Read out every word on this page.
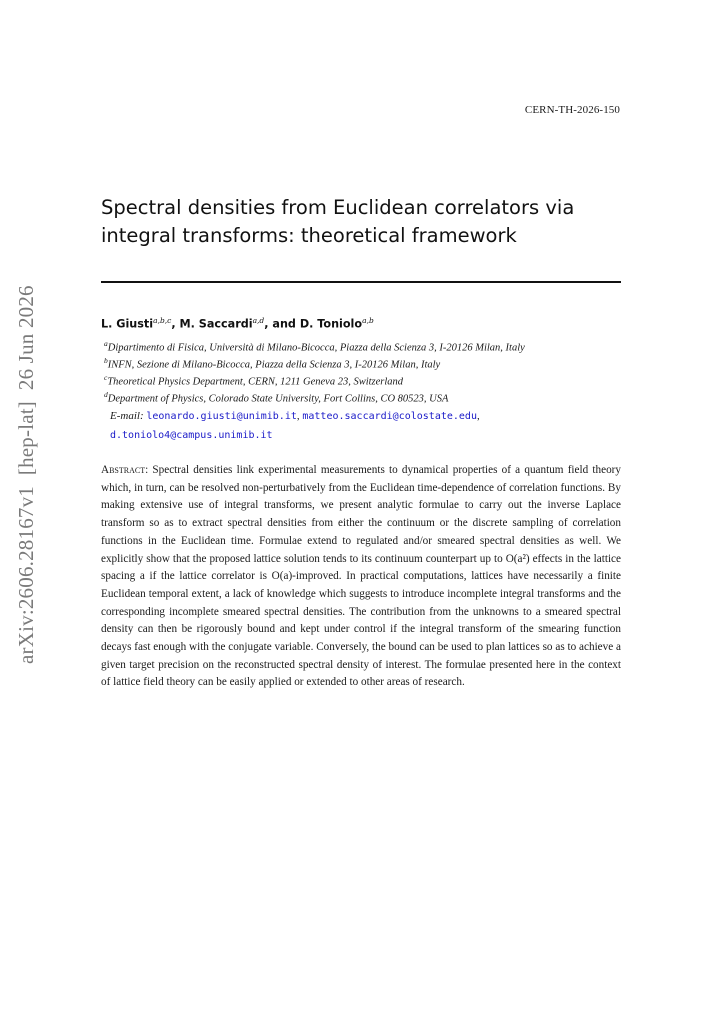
CERN-TH-2026-150
arXiv:2606.28167v1  [hep-lat]  26 Jun 2026
Spectral densities from Euclidean correlators via integral transforms: theoretical framework
L. Giusti$^{a,b,c}$, M. Saccardi$^{a,d}$, and D. Toniolo$^{a,b}$
$^a$Dipartimento di Fisica, Università di Milano-Bicocca, Piazza della Scienza 3, I-20126 Milan, Italy
$^b$INFN, Sezione di Milano-Bicocca, Piazza della Scienza 3, I-20126 Milan, Italy
$^c$Theoretical Physics Department, CERN, 1211 Geneva 23, Switzerland
$^d$Department of Physics, Colorado State University, Fort Collins, CO 80523, USA
E-mail: leonardo.giusti@unimib.it, matteo.saccardi@colostate.edu,
d.toniolo4@campus.unimib.it

Abstract: Spectral densities link experimental measurements to dynamical properties of a quantum field theory which, in turn, can be resolved non-perturbatively from the Euclidean time-dependence of correlation functions. By making extensive use of integral transforms, we present analytic formulae to carry out the inverse Laplace transform so as to extract spectral densities from either the continuum or the discrete sampling of correlation functions in the Euclidean time. Formulae extend to regulated and/or smeared spectral densities as well. We explicitly show that the proposed lattice solution tends to its continuum counterpart up to O(a²) effects in the lattice spacing a if the lattice correlator is O(a)-improved. In practical computations, lattices have necessarily a finite Euclidean temporal extent, a lack of knowledge which suggests to introduce incomplete integral transforms and the corresponding incomplete smeared spectral densities. The contribution from the unknowns to a smeared spectral density can then be rigorously bound and kept under control if the integral transform of the smearing function decays fast enough with the conjugate variable. Conversely, the bound can be used to plan lattices so as to achieve a given target precision on the reconstructed spectral density of interest. The formulae presented here in the context of lattice field theory can be easily applied or extended to other areas of research.
